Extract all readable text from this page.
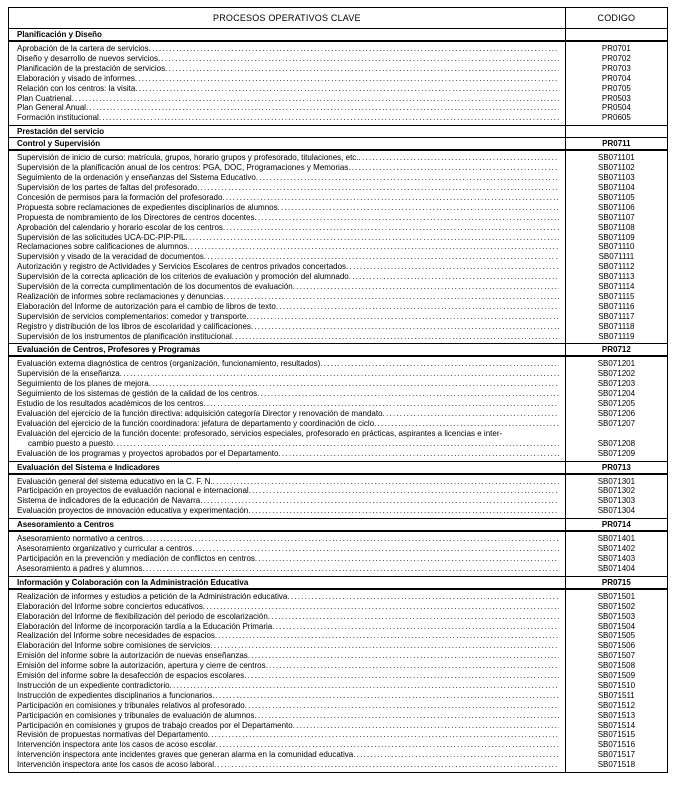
PROCESOS OPERATIVOS CLAVE	CODIGO
Planificación y Diseño	

Aprobación de la cartera de servicios
. . .	PR0701

Diseño y desarrollo de nuevos servicios
. . .	PR0702

Planificación de la prestación de servicios
. . .	PR0703

Elaboración y visado de informes
. . .	PR0704

Relación con los centros: la visita
. . .	PR0705

Plan Cuatrienal
. . .	PR0503

Plan General Anual
. . .	PR0504

Formación institucional
. . .	PR0605
Prestación del servicio	
Control y Supervisión	PR0711

Supervisión de inicio de curso: matrícula, grupos, horario grupos y profesorado, titulaciones, etc.
. . .	SB071101

Supervisión de la planificación anual de los centros: PGA, DOC, Programaciones y Memorias
. . .	SB071102

Seguimiento de la ordenación y enseñanzas del Sistema Educativo
. . .	SB071103

Supervisión de los partes de faltas del profesorado
. . .	SB071104

Concesión de permisos para la formación del profesorado
. . .	SB071105

Propuesta sobre reclamaciones de expedientes disciplinarios de alumnos
. . .	SB071106

Propuesta de nombramiento de los Directores de centros docentes
. . .	SB071107

Aprobación del calendario y horario escolar de los centros
. . .	SB071108

Supervisión de las solicitudes UCA-DC-PIP-PIL
. . .	SB071109

Reclamaciones sobre calificaciones de alumnos
. . .	SB071110

Supervisión y visado de la veracidad de documentos
. . .	SB071111

Autorización y registro de Actividades y Servicios Escolares de centros privados concertados
. . .	SB071112

Supervisión de la correcta aplicación de los criterios de evaluación y promoción del alumnado
. . .	SB071113

Supervisión de la correcta cumplimentación de los documentos de evaluación
. . .	SB071114

Realización de informes sobre reclamaciones y denuncias
. . .	SB071115

Elaboración del Informe de autorización para el cambio de libros de texto
. . .	SB071116

Supervisión de servicios complementarios: comedor y transporte
. . .	SB071117

Registro y distribución de los libros de escolaridad y calificaciones
. . .	SB071118

Supervisión de los instrumentos de planificación institucional
. . .	SB071119
Evaluación de Centros, Profesores y Programas	PR0712

Evaluación externa diagnóstica de centros (organización, funcionamiento, resultados)
. . .	SB071201

Supervisión de la enseñanza
. . .	SB071202

Seguimiento de los planes de mejora
. . .	SB071203

Seguimiento de los sistemas de gestión de la calidad de los centros
. . .	SB071204

Estudio de los resultados académicos de los centros
. . .	SB071205

Evaluación del ejercicio de la función directiva: adquisición categoría Director y renovación de mandato
. . .	SB071206

Evaluación del ejercicio de la función coordinadora: jefatura de departamento y coordinación de ciclo
. . .	SB071207

Evaluación del ejercicio de la función docente: profesorado, servicios especiales, profesorado en prácticas, aspirantes a licencias e inter-	

cambio puesto a puesto
. . .	SB071208

Evaluación de los programas y proyectos aprobados por el Departamento
. . .	SB071209
Evaluación del Sistema e Indicadores	PR0713

Evaluación general del sistema educativo en la C. F. N.
. . .	SB071301

Participación en proyectos de evaluación nacional e internacional
. . .	SB071302

Sistema de indicadores de la educación de Navarra
. . .	SB071303

Evaluación proyectos de innovación educativa y experimentación
. . .	SB071304
Asesoramiento a Centros	PR0714

Asesoramiento normativo a centros
. . .	SB071401

Asesoramiento organizativo y curricular a centros
. . .	SB071402

Participación en la prevención y mediación de conflictos en centros
. . .	SB071403

Asesoramiento a padres y alumnos
. . .	SB071404
Información y Colaboración con la Administración Educativa	PR0715

Realización de informes y estudios a petición de la Administración educativa
. . .	SB071501

Elaboración del Informe sobre conciertos educativos
. . .	SB071502

Elaboración del Informe de flexibilización del periodo de escolarización
. . .	SB071503

Elaboración del Informe de incorporación tardía a la Educación Primaria
. . .	SB071504

Realización del Informe sobre necesidades de espacios
. . .	SB071505

Elaboración del Informe sobre comisiones de servicios
. . .	SB071506

Emisión del informe sobre la autorización de nuevas enseñanzas
. . .	SB071507

Emisión del informe sobre la autorización, apertura y cierre de centros
. . .	SB071508

Emisión del informe sobre la desafección de espacios escolares
. . .	SB071509

Instrucción de un expediente contradictorio
. . .	SB071510

Instrucción de expedientes disciplinarios a funcionarios
. . .	SB071511

Participación en comisiones y tribunales relativos al profesorado
. . .	SB071512

Participación en comisiones y tribunales de evaluación de alumnos
. . .	SB071513

Participación en comisiones y grupos de trabajo creados por el Departamento
. . .	SB071514

Revisión de propuestas normativas del Departamento
. . .	SB071515

Intervención inspectora ante los casos de acoso escolar
. . .	SB071516

Intervención inspectora ante incidentes graves que generan alarma en la comunidad educativa
. . .	SB071517

Intervención inspectora ante los casos de acoso laboral
. . .	SB071518
